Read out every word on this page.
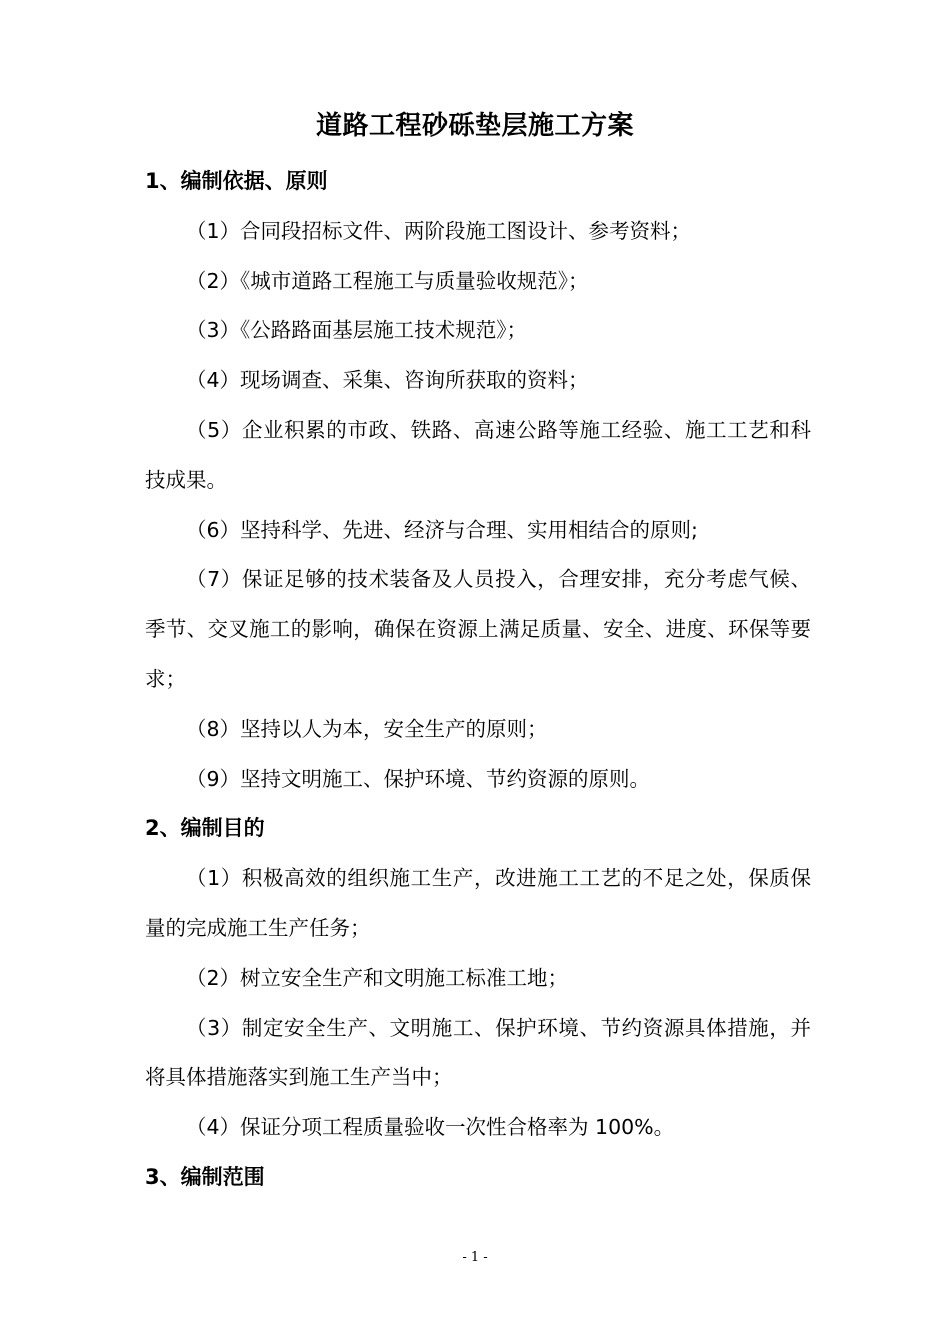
道路工程砂砾垫层施工方案
1、编制依据、原则

（1）合同段招标文件、两阶段施工图设计、参考资料；

（2）《城市道路工程施工与质量验收规范》；

（3）《公路路面基层施工技术规范》；

（4）现场调查、采集、咨询所获取的资料；

（5）企业积累的市政、铁路、高速公路等施工经验、施工工艺和科技成果。

（6）坚持科学、先进、经济与合理、实用相结合的原则;

（7）保证足够的技术装备及人员投入，合理安排，充分考虑气候、季节、交叉施工的影响，确保在资源上满足质量、安全、进度、环保等要求；

（8）坚持以人为本，安全生产的原则；

（9）坚持文明施工、保护环境、节约资源的原则。

2、编制目的

（1）积极高效的组织施工生产，改进施工工艺的不足之处，保质保量的完成施工生产任务；

（2）树立安全生产和文明施工标准工地；

（3）制定安全生产、文明施工、保护环境、节约资源具体措施，并将具体措施落实到施工生产当中；

（4）保证分项工程质量验收一次性合格率为 100%。

3、编制范围
- 1 -
